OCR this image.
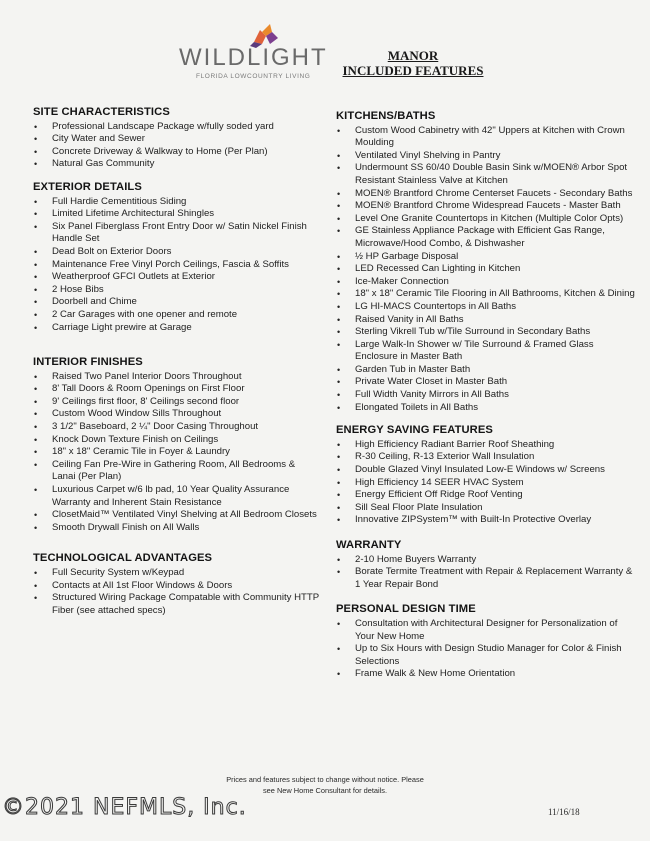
WILDLIGHT
FLORIDA LOWCOUNTRY LIVING
MANOR
INCLUDED FEATURES
SITE CHARACTERISTICS
• Professional Landscape Package w/fully soded yard
• City Water and Sewer
• Concrete Driveway & Walkway to Home (Per Plan)
• Natural Gas Community
EXTERIOR DETAILS
• Full Hardie Cementitious Siding
• Limited Lifetime Architectural Shingles
• Six Panel Fiberglass Front Entry Door w/ Satin Nickel Finish Handle Set
• Dead Bolt on Exterior Doors
• Maintenance Free Vinyl Porch Ceilings, Fascia & Soffits
• Weatherproof GFCI Outlets at Exterior
• 2 Hose Bibs
• Doorbell and Chime
• 2 Car Garages with one opener and remote
• Carriage Light prewire at Garage
INTERIOR FINISHES
• Raised Two Panel Interior Doors Throughout
• 8' Tall Doors & Room Openings on First Floor
• 9' Ceilings first floor, 8' Ceilings second floor
• Custom Wood Window Sills Throughout
• 3 1/2" Baseboard, 2 ¼" Door Casing Throughout
• Knock Down Texture Finish on Ceilings
• 18" x 18" Ceramic Tile in Foyer & Laundry
• Ceiling Fan Pre-Wire in Gathering Room, All Bedrooms & Lanai (Per Plan)
• Luxurious Carpet w/6 lb pad, 10 Year Quality Assurance Warranty and Inherent Stain Resistance
• ClosetMaid™ Ventilated Vinyl Shelving at All Bedroom Closets
• Smooth Drywall Finish on All Walls
TECHNOLOGICAL ADVANTAGES
• Full Security System w/Keypad
• Contacts at All 1st Floor Windows & Doors
• Structured Wiring Package Compatable with Community HTTP Fiber (see attached specs)
KITCHENS/BATHS
• Custom Wood Cabinetry with 42" Uppers at Kitchen with Crown Moulding
• Ventilated Vinyl Shelving in Pantry
• Undermount SS 60/40 Double Basin Sink w/MOEN® Arbor Spot Resistant Stainless Valve at Kitchen
• MOEN® Brantford Chrome Centerset Faucets - Secondary Baths
• MOEN® Brantford Chrome Widespread Faucets - Master Bath
• Level One Granite Countertops in Kitchen (Multiple Color Opts)
• GE Stainless Appliance Package with Efficient Gas Range, Microwave/Hood Combo, & Dishwasher
• ½ HP Garbage Disposal
• LED Recessed Can Lighting in Kitchen
• Ice-Maker Connection
• 18" x 18" Ceramic Tile Flooring in All Bathrooms, Kitchen & Dining
• LG HI-MACS Countertops in All Baths
• Raised Vanity in All Baths
• Sterling Vikrell Tub w/Tile Surround in Secondary Baths
• Large Walk-In Shower w/ Tile Surround & Framed Glass Enclosure in Master Bath
• Garden Tub in Master Bath
• Private Water Closet in Master Bath
• Full Width Vanity Mirrors in All Baths
• Elongated Toilets in All Baths
ENERGY SAVING FEATURES
• High Efficiency Radiant Barrier Roof Sheathing
• R-30 Ceiling, R-13 Exterior Wall Insulation
• Double Glazed Vinyl Insulated Low-E Windows w/ Screens
• High Efficiency 14 SEER HVAC System
• Energy Efficient Off Ridge Roof Venting
• Sill Seal Floor Plate Insulation
• Innovative ZIPSystem™ with Built-In Protective Overlay
WARRANTY
• 2-10 Home Buyers Warranty
• Borate Termite Treatment with Repair & Replacement Warranty & 1 Year Repair Bond
PERSONAL DESIGN TIME
• Consultation with Architectural Designer for Personalization of Your New Home
• Up to Six Hours with Design Studio Manager for Color & Finish Selections
• Frame Walk & New Home Orientation
Prices and features subject to change without notice. Please
see New Home Consultant for details.
©2021 NEFMLS, Inc.	11/16/18
